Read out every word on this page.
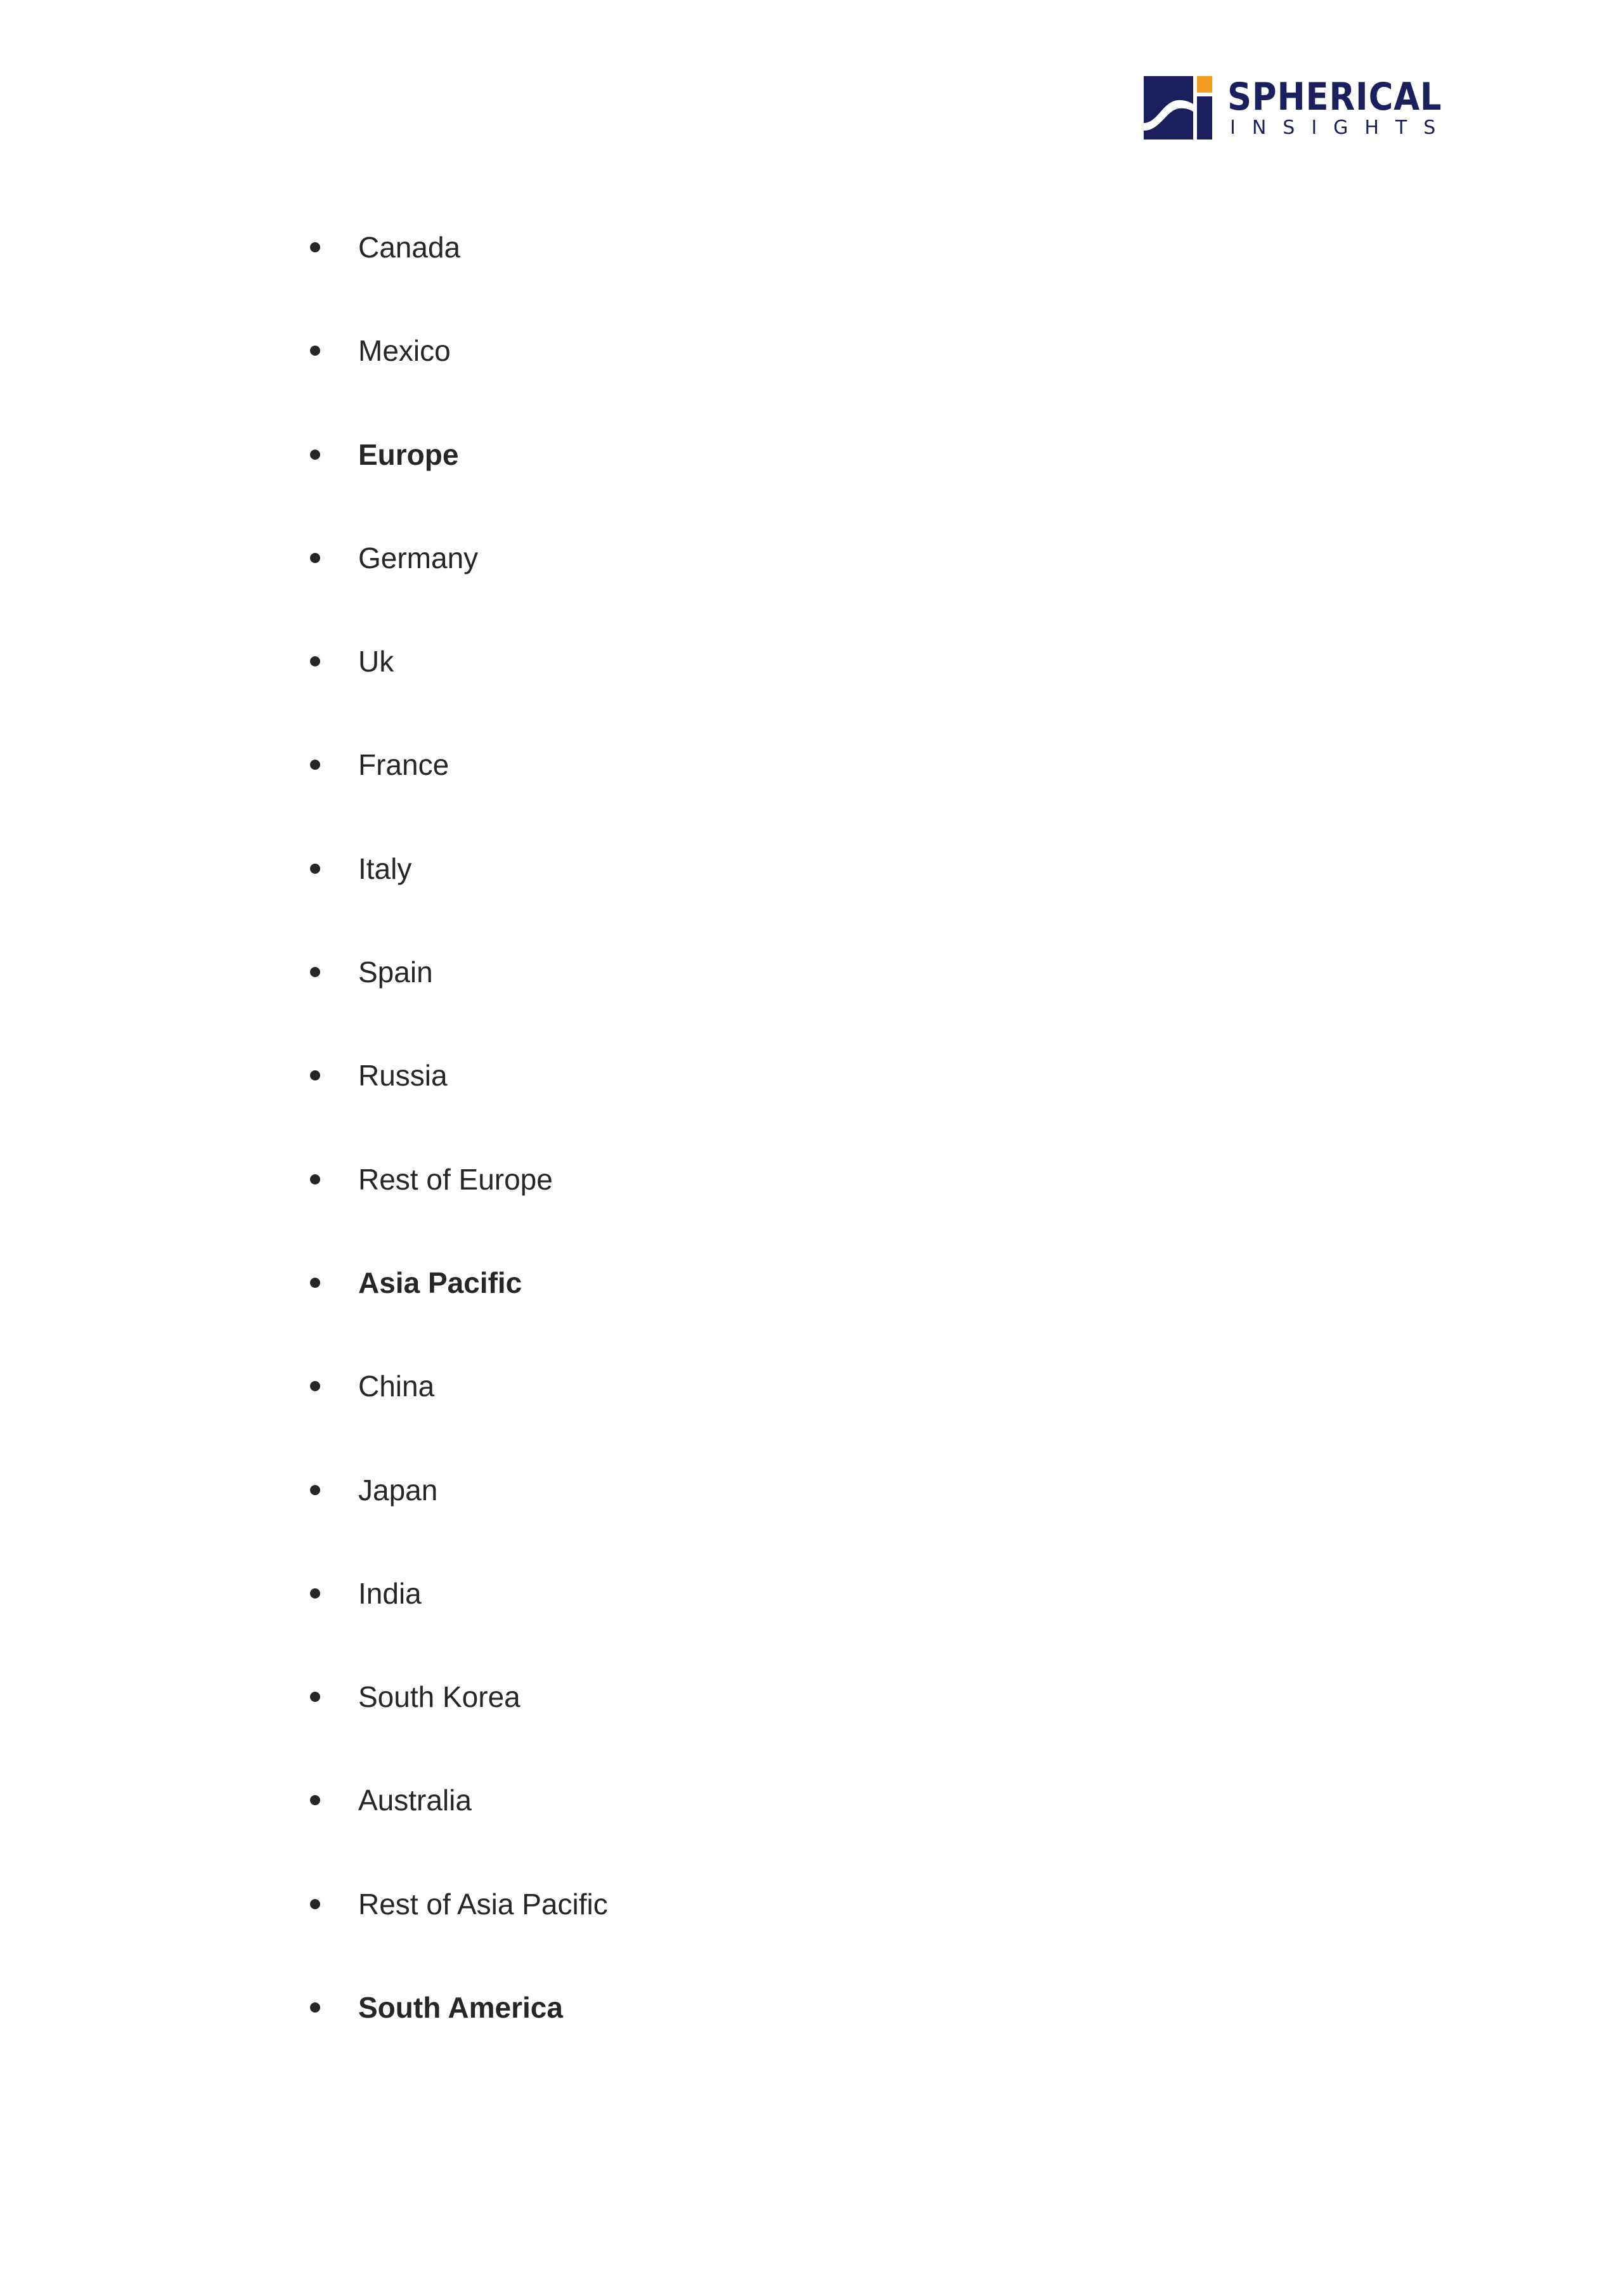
SPHERICAL
INSIGHTS
Canada
Mexico
Europe
Germany
Uk
France
Italy
Spain
Russia
Rest of Europe
Asia Pacific
China
Japan
India
South Korea
Australia
Rest of Asia Pacific
South America
